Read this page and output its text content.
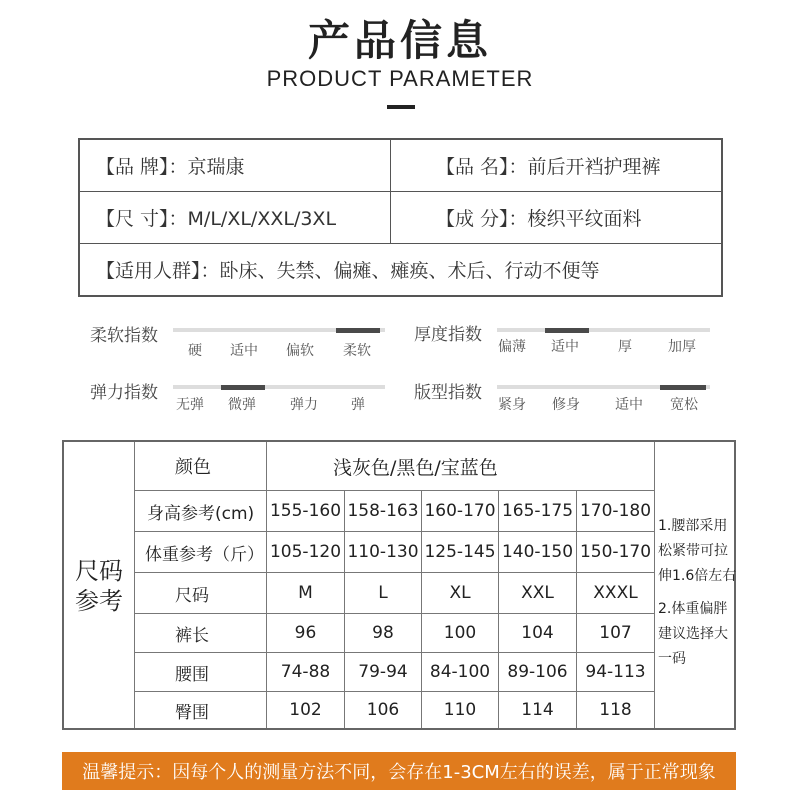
产品信息
PRODUCT PARAMETER
【品 牌】：京瑞康	【品 名】：前后开裆护理裤
【尺 寸】：M/L/XL/XXL/3XL	【成 分】：梭织平纹面料
【适用人群】：卧床、失禁、偏瘫、瘫痪、术后、行动不便等
柔软指数
硬	适中	偏软	柔软
厚度指数
偏薄	适中	厚	加厚
弹力指数
无弹	微弹	弹力	弹
版型指数
紧身	修身	适中	宽松
身高参考(cm) 155-160 158-163 160-170 165-175 170-180
体重参考（斤） 105-120 110-130 125-145 140-150 150-170
尺码	M	L	XL	XXL	XXXL
裤长	96	98	100	104	107
腰围	74-88	79-94	84-100	89-106	94-113
臀围	102	106	110	114	118
尺码
参考
颜色	浅灰色/黑色/宝蓝色
1.腰部采用
松紧带可拉
伸1.6倍左右
2.体重偏胖
建议选择大
一码
温馨提示：因每个人的测量方法不同，会存在1-3CM左右的误差，属于正常现象
